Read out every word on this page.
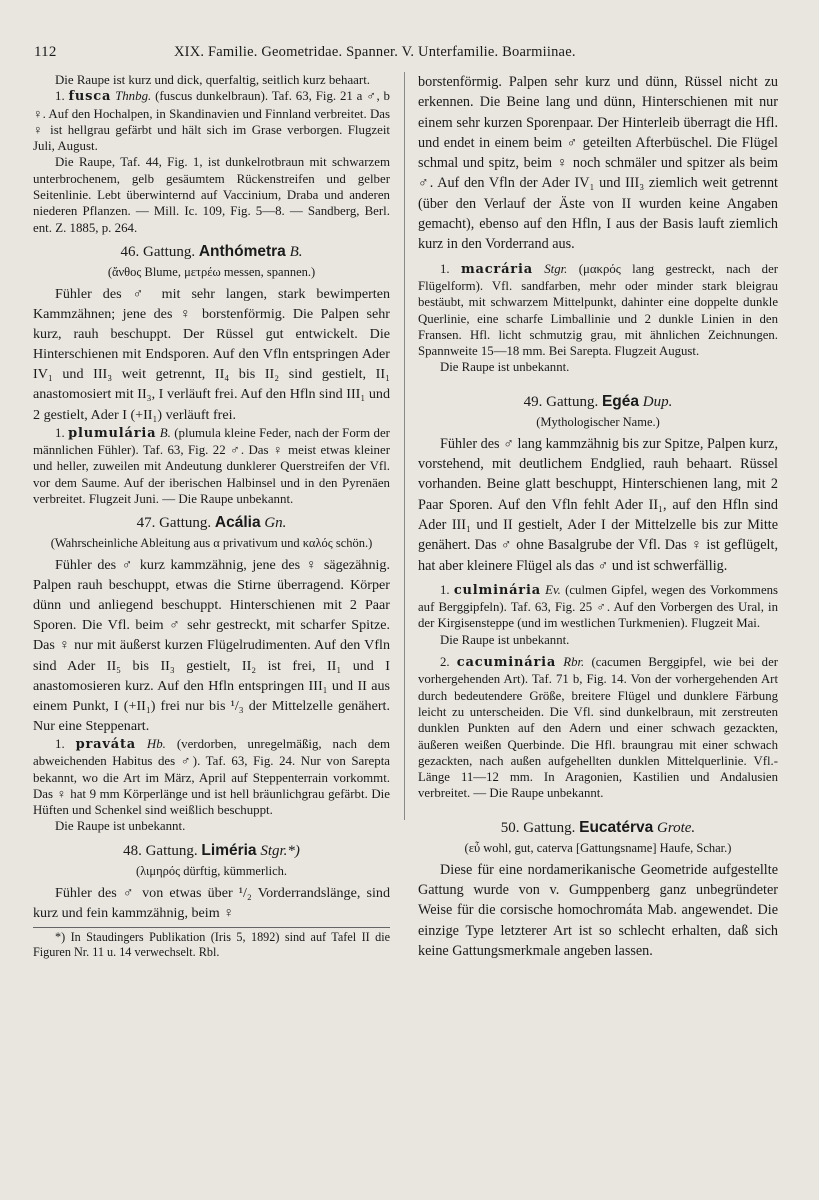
112	XIX. Familie. Geometridae. Spanner. V. Unterfamilie. Boarmiinae.

Die Raupe ist kurz und dick, querfaltig, seitlich kurz behaart.

1. fusca Thnbg. (fuscus dunkelbraun). Taf. 63, Fig. 21 a ♂, b ♀. Auf den Hochalpen, in Skandinavien und Finnland verbreitet. Das ♀ ist hellgrau gefärbt und hält sich im Grase verborgen. Flugzeit Juli, August.

Die Raupe, Taf. 44, Fig. 1, ist dunkelrotbraun mit schwarzem unterbrochenem, gelb gesäumtem Rückenstreifen und gelber Seitenlinie. Lebt überwinternd auf Vaccinium, Draba und anderen niederen Pflanzen. — Mill. Ic. 109, Fig. 5—8. — Sandberg, Berl. ent. Z. 1885, p. 264.

46. Gattung. Anthómetra B.
(ἄνθος Blume, μετρέω messen, spannen.)

Fühler des ♂ mit sehr langen, stark bewimperten Kammzähnen; jene des ♀ borstenförmig. Die Palpen sehr kurz, rauh beschuppt. Der Rüssel gut entwickelt. Die Hinterschienen mit Endsporen. Auf den Vfln entspringen Ader IV₁ und III₃ weit getrennt, II₄ bis II₂ sind gestielt, II₁ anastomosiert mit II₃, I verläuft frei. Auf den Hfln sind III₁ und 2 gestielt, Ader I (+II₁) verläuft frei.

1. plumulária B. (plumula kleine Feder, nach der Form der männlichen Fühler). Taf. 63, Fig. 22 ♂. Das ♀ meist etwas kleiner und heller, zuweilen mit Andeutung dunklerer Querstreifen der Vfl. vor dem Saume. Auf der iberischen Halbinsel und in den Pyrenäen verbreitet. Flugzeit Juni. — Die Raupe unbekannt.

47. Gattung. Acália Gn.
(Wahrscheinliche Ableitung aus α privativum und καλός schön.)

Fühler des ♂ kurz kammzähnig, jene des ♀ sägezähnig. Palpen rauh beschuppt, etwas die Stirne überragend. Körper dünn und anliegend beschuppt. Hinterschienen mit 2 Paar Sporen. Die Vfl. beim ♂ sehr gestreckt, mit scharfer Spitze. Das ♀ nur mit äußerst kurzen Flügelrudimenten. Auf den Vfln sind Ader II₅ bis II₃ gestielt, II₂ ist frei, II₁ und I anastomosieren kurz. Auf den Hfln entspringen III₁ und II aus einem Punkt, I (+II₁) frei nur bis ¹/₃ der Mittelzelle genähert. Nur eine Steppenart.

1. praváta Hb. (verdorben, unregelmäßig, nach dem abweichenden Habitus des ♂). Taf. 63, Fig. 24. Nur von Sarepta bekannt, wo die Art im März, April auf Steppenterrain vorkommt. Das ♀ hat 9 mm Körperlänge und ist hell bräunlichgrau gefärbt. Die Hüften und Schenkel sind weißlich beschuppt.

Die Raupe ist unbekannt.

48. Gattung. Liméria Stgr.*)
(λιμηρός dürftig, kümmerlich.

Fühler des ♂ von etwas über ¹/₂ Vorderrandslänge, sind kurz und fein kammzähnig, beim ♀

*) In Staudingers Publikation (Iris 5, 1892) sind auf Tafel II die Figuren Nr. 11 u. 14 verwechselt. Rbl.

borstenförmig. Palpen sehr kurz und dünn, Rüssel nicht zu erkennen. Die Beine lang und dünn, Hinterschienen mit nur einem sehr kurzen Sporenpaar. Der Hinterleib überragt die Hfl. und endet in einem beim ♂ geteilten Afterbüschel. Die Flügel schmal und spitz, beim ♀ noch schmäler und spitzer als beim ♂. Auf den Vfln der Ader IV₁ und III₃ ziemlich weit getrennt (über den Verlauf der Äste von II wurden keine Angaben gemacht), ebenso auf den Hfln, I aus der Basis lauft ziemlich kurz in den Vorderrand aus.

1. macrária Stgr. (μακρός lang gestreckt, nach der Flügelform). Vfl. sandfarben, mehr oder minder stark bleigrau bestäubt, mit schwarzem Mittelpunkt, dahinter eine doppelte dunkle Querlinie, eine scharfe Limballinie und 2 dunkle Linien in den Fransen. Hfl. licht schmutzig grau, mit ähnlichen Zeichnungen. Spannweite 15—18 mm. Bei Sarepta. Flugzeit August.

Die Raupe ist unbekannt.

49. Gattung. Egéa Dup.
(Mythologischer Name.)

Fühler des ♂ lang kammzähnig bis zur Spitze, Palpen kurz, vorstehend, mit deutlichem Endglied, rauh behaart. Rüssel vorhanden. Beine glatt beschuppt, Hinterschienen lang, mit 2 Paar Sporen. Auf den Vfln fehlt Ader II₁, auf den Hfln sind Ader III₁ und II gestielt, Ader I der Mittelzelle bis zur Mitte genähert. Das ♂ ohne Basalgrube der Vfl. Das ♀ ist geflügelt, hat aber kleinere Flügel als das ♂ und ist schwerfällig.

1. culminária Ev. (culmen Gipfel, wegen des Vorkommens auf Berggipfeln). Taf. 63, Fig. 25 ♂. Auf den Vorbergen des Ural, in der Kirgisensteppe (und im westlichen Turkmenien). Flugzeit Mai.

Die Raupe ist unbekannt.

2. cacuminária Rbr. (cacumen Berggipfel, wie bei der vorhergehenden Art). Taf. 71 b, Fig. 14. Von der vorhergehenden Art durch bedeutendere Größe, breitere Flügel und dunklere Färbung leicht zu unterscheiden. Die Vfl. sind dunkelbraun, mit zerstreuten dunklen Punkten auf den Adern und einer schwach gezackten, äußeren weißen Querbinde. Die Hfl. braungrau mit einer schwach gezackten, nach außen aufgehellten dunklen Mittelquerlinie. Vfl.-Länge 11—12 mm. In Aragonien, Kastilien und Andalusien verbreitet. — Die Raupe unbekannt.

50. Gattung. Eucatérva Grote.
(εὖ wohl, gut, caterva [Gattungsname] Haufe, Schar.)

Diese für eine nordamerikanische Geometride aufgestellte Gattung wurde von v. Gumppenberg ganz unbegründeter Weise für die corsische homochromáta Mab. angewendet. Die einzige Type letzterer Art ist so schlecht erhalten, daß sich keine Gattungsmerkmale angeben lassen.
